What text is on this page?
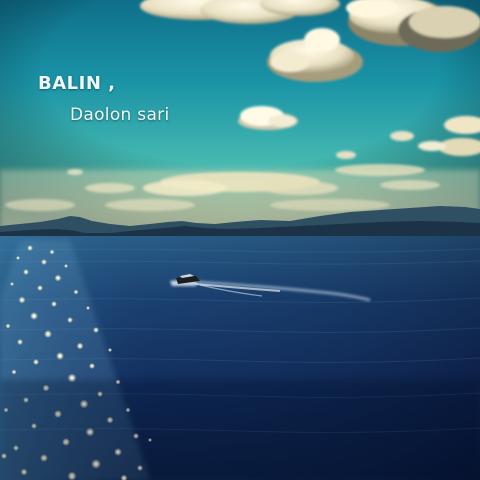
BALIN ,
Daolon sari
